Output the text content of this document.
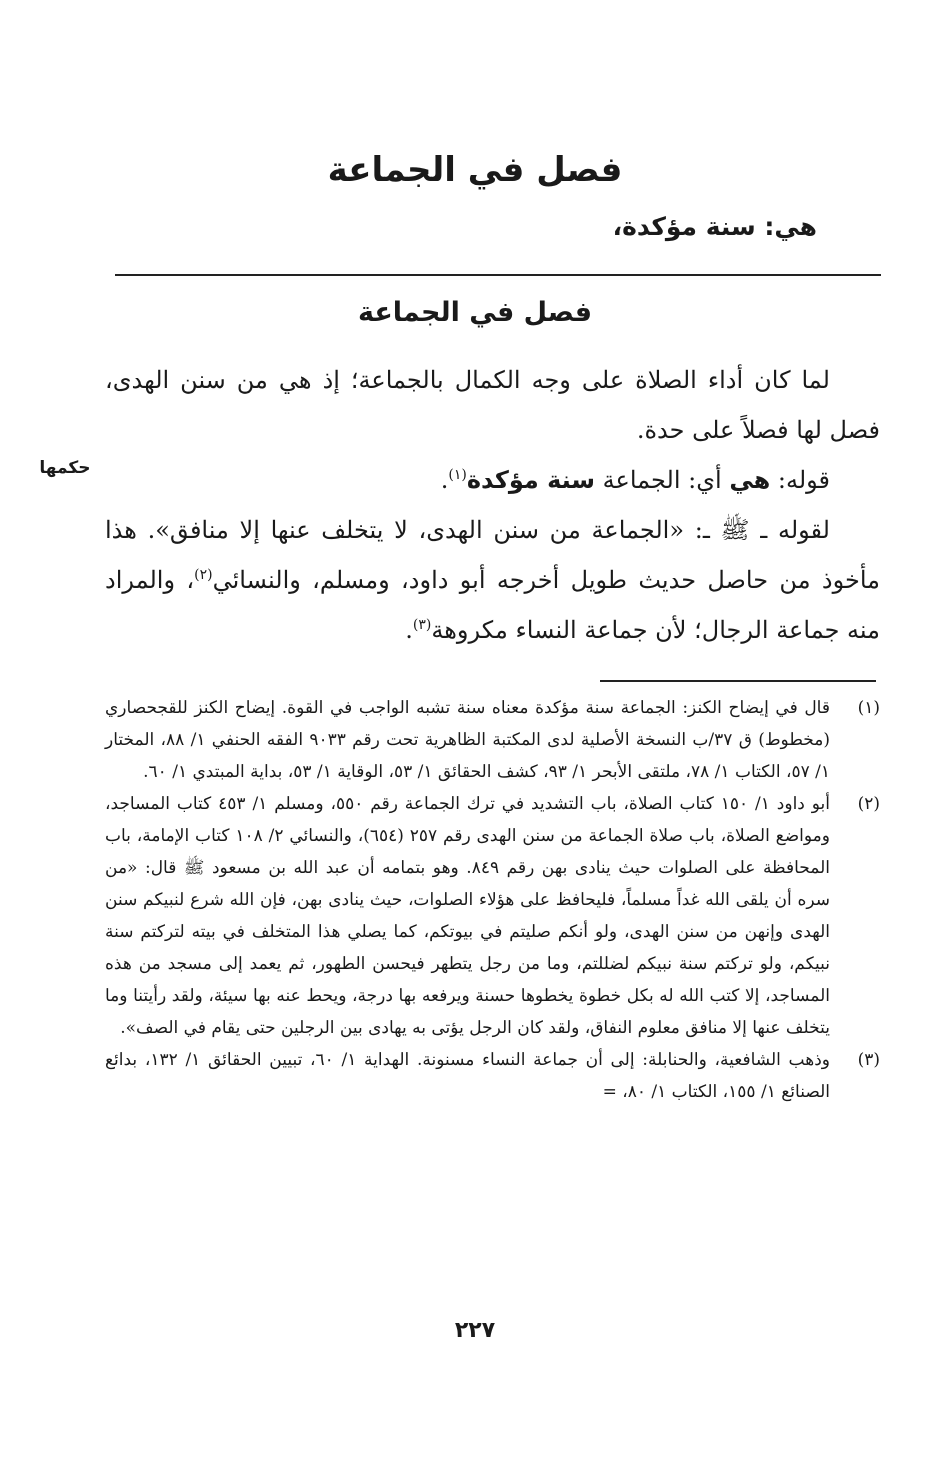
فصل في الجماعة
هي: سنة مؤكدة،
فصل في الجماعة

لما كان أداء الصلاة على وجه الكمال بالجماعة؛ إذ هي من سنن الهدى، فصل لها فصلاً على حدة.

قوله: هي أي: الجماعة سنة مؤكدة$^{(١)}$.

لقوله ـ ﷺ ـ: «الجماعة من سنن الهدى، لا يتخلف عنها إلا منافق». هذا مأخوذ من حاصل حديث طويل أخرجه أبو داود، ومسلم، والنسائي$^{(٢)}$، والمراد منه جماعة الرجال؛ لأن جماعة النساء مكروهة$^{(٣)}$.

حكمها
(١)
قال في إيضاح الكنز: الجماعة سنة مؤكدة معناه سنة تشبه الواجب في القوة. إيضاح الكنز للقجحصاري (مخطوط) ق ٣٧/ب النسخة الأصلية لدى المكتبة الظاهرية تحت رقم ٩٠٣٣ الفقه الحنفي ١/ ٨٨، المختار ١/ ٥٧، الكتاب ١/ ٧٨، ملتقى الأبحر ١/ ٩٣، كشف الحقائق ١/ ٥٣، الوقاية ١/ ٥٣، بداية المبتدي ١/ ٦٠.
(٢)
أبو داود ١/ ١٥٠ كتاب الصلاة، باب التشديد في ترك الجماعة رقم ٥٥٠، ومسلم ١/ ٤٥٣ كتاب المساجد، ومواضع الصلاة، باب صلاة الجماعة من سنن الهدى رقم ٢٥٧ (٦٥٤)، والنسائي ٢/ ١٠٨ كتاب الإمامة، باب المحافظة على الصلوات حيث ينادى بهن رقم ٨٤٩. وهو بتمامه أن عبد الله بن مسعود ﷺ قال: «من سره أن يلقى الله غداً مسلماً، فليحافظ على هؤلاء الصلوات، حيث ينادى بهن، فإن الله شرع لنبيكم سنن الهدى وإنهن من سنن الهدى، ولو أنكم صليتم في بيوتكم، كما يصلي هذا المتخلف في بيته لتركتم سنة نبيكم، ولو تركتم سنة نبيكم لضللتم، وما من رجل يتطهر فيحسن الطهور، ثم يعمد إلى مسجد من هذه المساجد، إلا كتب الله له بكل خطوة يخطوها حسنة ويرفعه بها درجة، ويحط عنه بها سيئة، ولقد رأيتنا وما يتخلف عنها إلا منافق معلوم النفاق، ولقد كان الرجل يؤتى به يهادى بين الرجلين حتى يقام في الصف».
(٣)
وذهب الشافعية، والحنابلة: إلى أن جماعة النساء مسنونة. الهداية ١/ ٦٠، تبيين الحقائق ١/ ١٣٢، بدائع الصنائع ١/ ١٥٥، الكتاب ١/ ٨٠، =
٢٢٧
